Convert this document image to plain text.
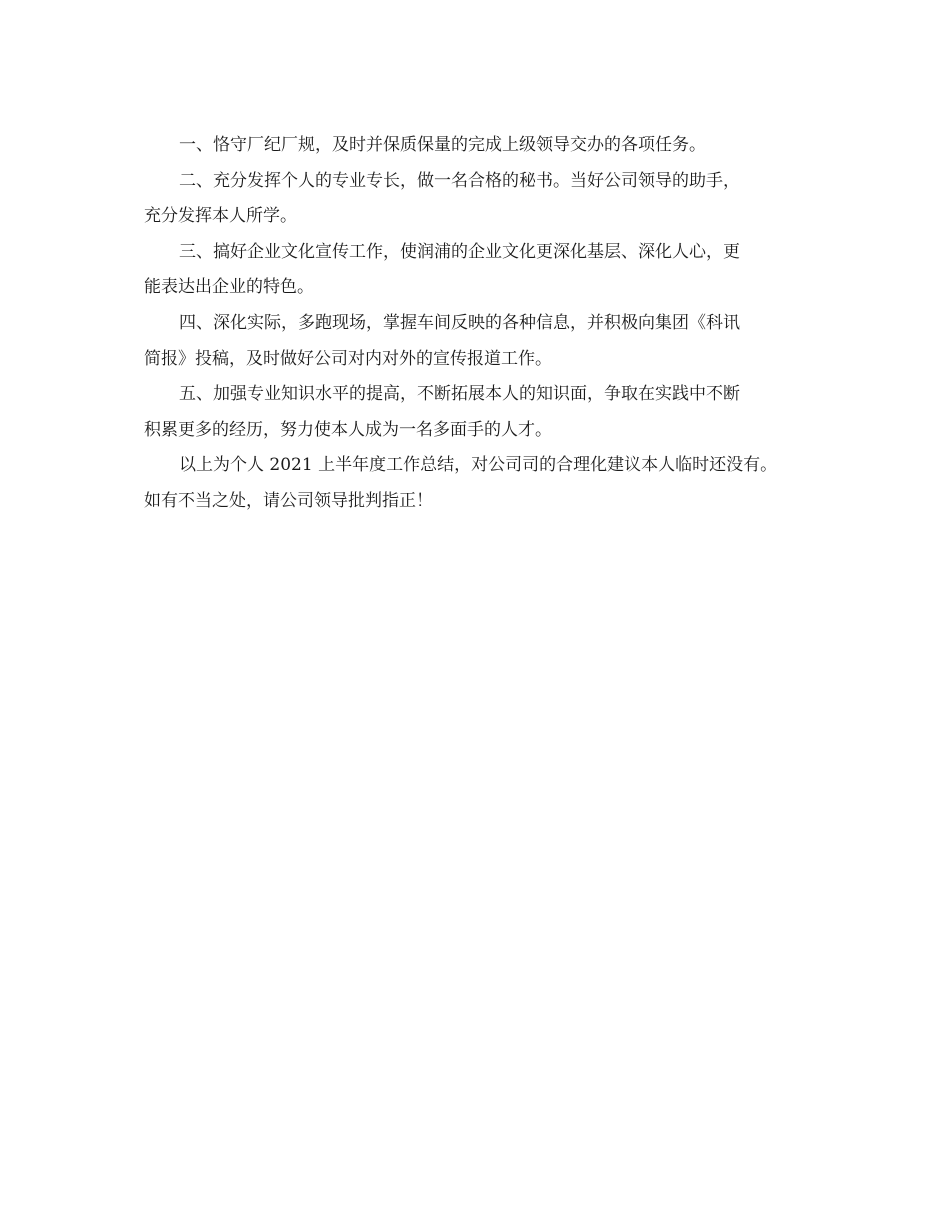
一、恪守厂纪厂规，及时并保质保量的完成上级领导交办的各项任务。
二、充分发挥个人的专业专长，做一名合格的秘书。当好公司领导的助手，
充分发挥本人所学。
三、搞好企业文化宣传工作，使润浦的企业文化更深化基层、深化人心，更
能表达出企业的特色。
四、深化实际，多跑现场，掌握车间反映的各种信息，并积极向集团《科讯
简报》投稿，及时做好公司对内对外的宣传报道工作。
五、加强专业知识水平的提高，不断拓展本人的知识面，争取在实践中不断
积累更多的经历，努力使本人成为一名多面手的人才。
以上为个人 2021 上半年度工作总结，对公司司的合理化建议本人临时还没有。
如有不当之处，请公司领导批判指正！
